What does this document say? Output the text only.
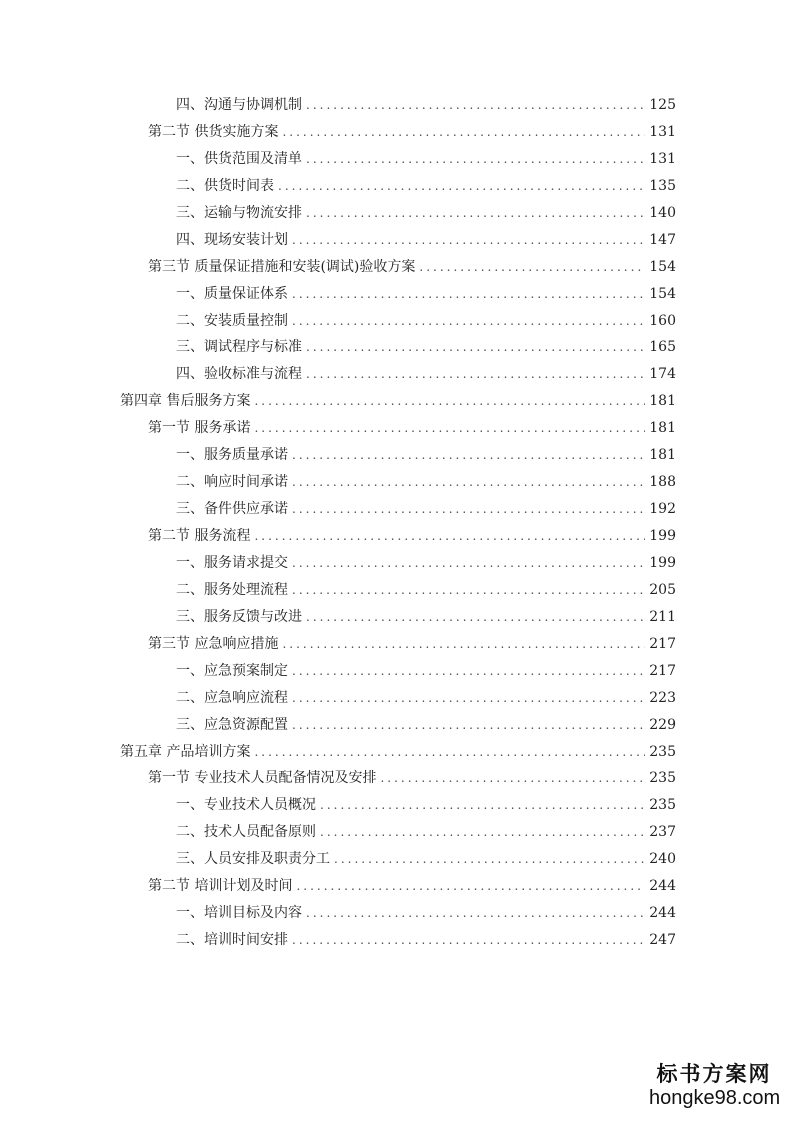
四、沟通与协调机制 .....	125
第二节 供货实施方案 .....	131
一、供货范围及清单 .....	131
二、供货时间表 .....	135
三、运输与物流安排 .....	140
四、现场安装计划 .....	147
第三节 质量保证措施和安装(调试)验收方案 .....	154
一、质量保证体系 .....	154
二、安装质量控制 .....	160
三、调试程序与标准 .....	165
四、验收标准与流程 .....	174
第四章 售后服务方案 .....	181
第一节 服务承诺 .....	181
一、服务质量承诺 .....	181
二、响应时间承诺 .....	188
三、备件供应承诺 .....	192
第二节 服务流程 .....	199
一、服务请求提交 .....	199
二、服务处理流程 .....	205
三、服务反馈与改进 .....	211
第三节 应急响应措施 .....	217
一、应急预案制定 .....	217
二、应急响应流程 .....	223
三、应急资源配置 .....	229
第五章 产品培训方案 .....	235
第一节 专业技术人员配备情况及安排 .....	235
一、专业技术人员概况 .....	235
二、技术人员配备原则 .....	237
三、人员安排及职责分工 .....	240
第二节 培训计划及时间 .....	244
一、培训目标及内容 .....	244
二、培训时间安排 .....	247
标书方案网
hongke98.com
